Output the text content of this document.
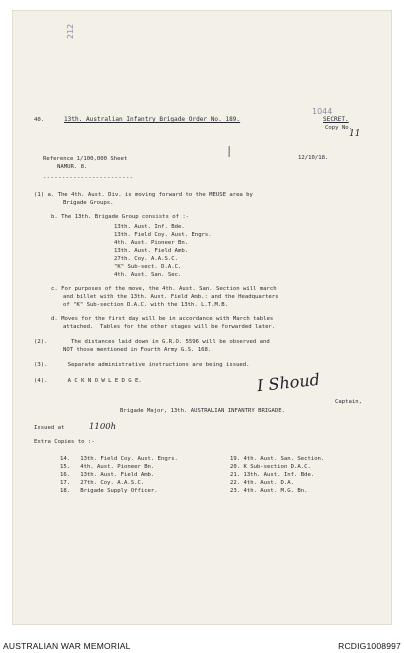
212
1044
I
40.	13th. Australian Infantry Brigade Order No. 189.	SECRET.
Copy No.
11
12/10/18.
Reference 1/100,000 Sheet
NAMUR. 8.
------------------------
(1) a. The 4th. Aust. Div. is moving forward to the MEUSE area by
Brigade Groups.
b. The 13th. Brigade Group consists of :-
13th. Aust. Inf. Bde.
13th. Field Coy. Aust. Engrs.
4th. Aust. Pioneer Bn.
13th. Aust. Field Amb.
27th. Coy. A.A.S.C.
"K" Sub-sect. D.A.C.
4th. Aust. San. Sec.
c. For purposes of the move, the 4th. Aust. San. Section will march
and billet with the 13th. Aust. Field Amb.: and the Headquarters
of "K" Sub-section D.A.C. with the 13th. L.T.M.B.
d. Moves for the first day will be in accordance with March tables
attached.  Tables for the other stages will be forwarded later.
(2).       The distances laid down in G.R.O. 5596 will be observed and
NOT those mentioned in Fourth Army G.S. 168.
(3).      Separate administrative instructions are being issued.
(4).      A C K N O W L E D G E.	I Shoud
Captain,
Brigade Major, 13th. AUSTRALIAN INFANTRY BRIGADE.
Issued at	1100h
Extra Copies to :-
14.   13th. Field Coy. Aust. Engrs.
15.   4th. Aust. Pioneer Bn.
16.   13th. Aust. Field Amb.
17.   27th. Coy. A.A.S.C.
18.   Brigade Supply Officer.
19. 4th. Aust. San. Section.
20. K Sub-section D.A.C.
21. 13th. Aust. Inf. Bde.
22. 4th. Aust. D.A.
23. 4th. Aust. M.G. Bn.
AUSTRALIAN WAR MEMORIAL	RCDIG1008997
